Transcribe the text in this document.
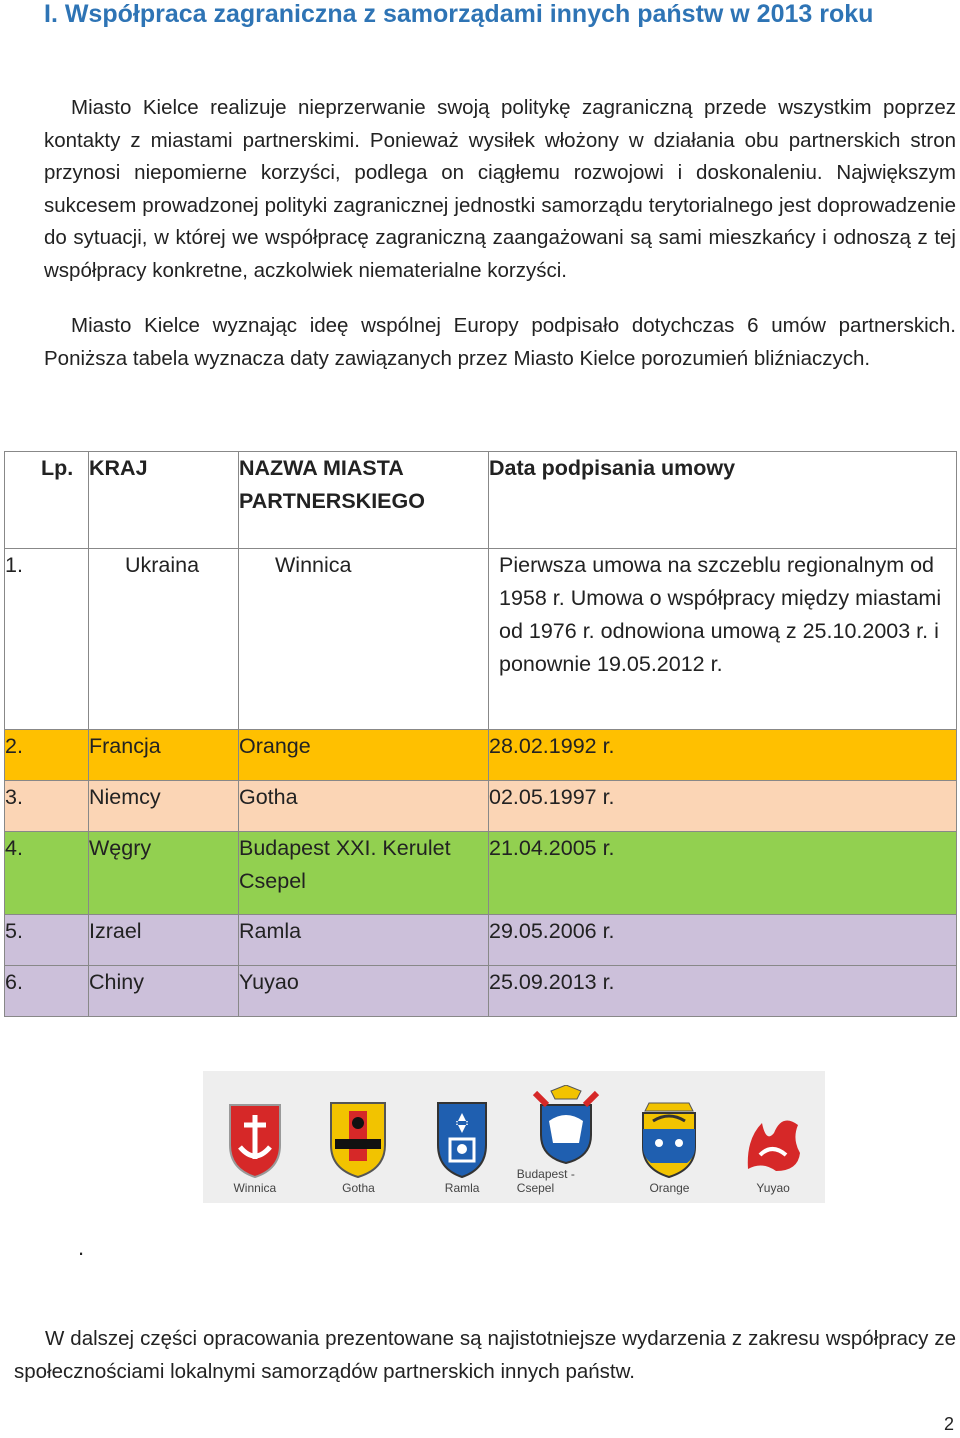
I. Współpraca zagraniczna z samorządami innych państw w 2013 roku

Miasto Kielce realizuje nieprzerwanie swoją politykę zagraniczną przede wszystkim poprzez kontakty z miastami partnerskimi. Ponieważ wysiłek włożony w działania obu partnerskich stron przynosi niepomierne korzyści, podlega on ciągłemu rozwojowi i doskonaleniu. Największym sukcesem prowadzonej polityki zagranicznej jednostki samorządu terytorialnego jest doprowadzenie do sytuacji, w której we współpracę zagraniczną zaangażowani są sami mieszkańcy i odnoszą z tej współpracy konkretne, aczkolwiek niematerialne korzyści.

Miasto Kielce wyznając ideę wspólnej Europy podpisało dotychczas 6 umów partnerskich. Poniższa tabela wyznacza daty zawiązanych przez Miasto Kielce porozumień bliźniaczych.

Lp.	KRAJ	NAZWA MIASTA PARTNERSKIEGO	Data podpisania umowy
1.	Ukraina	Winnica	Pierwsza umowa na szczeblu regionalnym od 1958 r. Umowa o współpracy między miastami od 1976 r. odnowiona umową z 25.10.2003 r. i ponownie 19.05.2012 r.
2.	Francja	Orange	28.02.1992 r.
3.	Niemcy	Gotha	02.05.1997 r.
4.	Węgry	Budapest XXI. Kerulet Csepel	21.04.2005 r.
5.	Izrael	Ramla	29.05.2006 r.
6.	Chiny	Yuyao	25.09.2013 r.
Winnica	Gotha	Ramla
Budapest - Csepel	Orange	Yuyao
.

W dalszej części opracowania prezentowane są najistotniejsze wydarzenia z zakresu współpracy ze społecznościami lokalnymi samorządów partnerskich innych państw.

2
